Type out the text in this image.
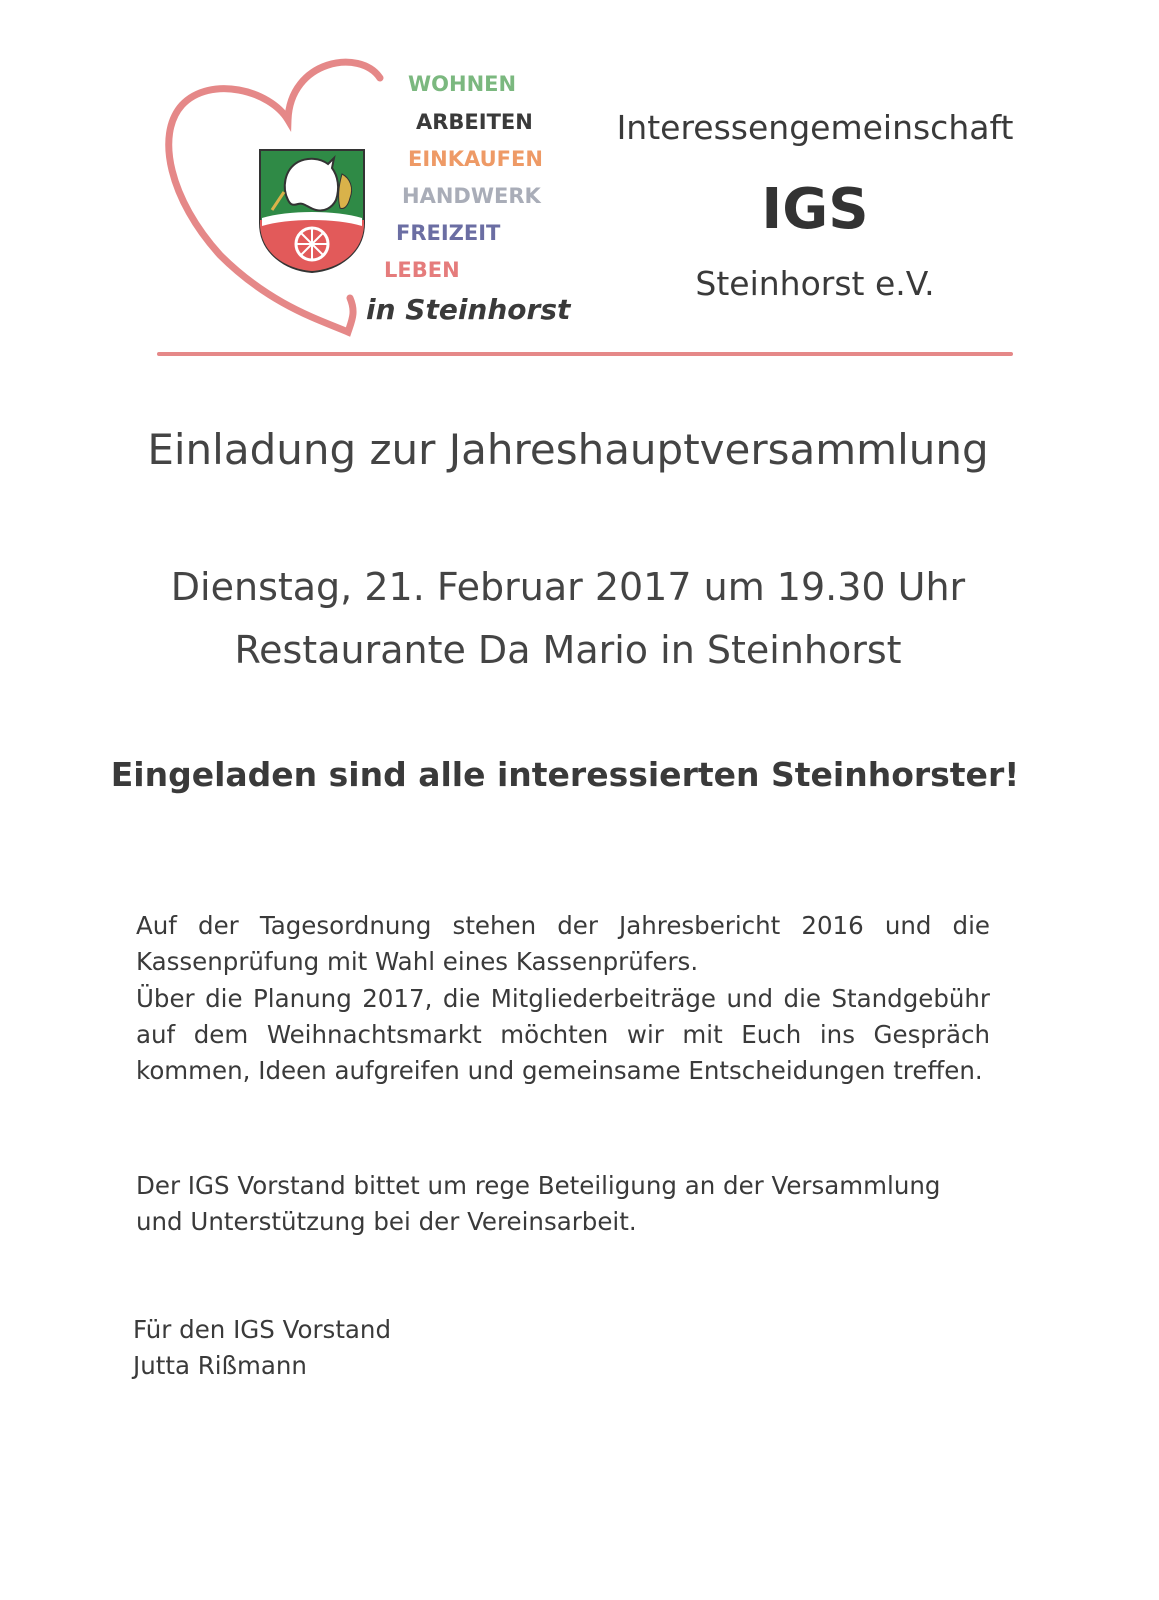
WOHNEN
ARBEITEN
EINKAUFEN
HANDWERK
FREIZEIT
LEBEN
in Steinhorst
Interessengemeinschaft
IGS
Steinhorst e.V.
Einladung zur Jahreshauptversammlung
Dienstag, 21. Februar 2017 um 19.30 Uhr
Restaurante Da Mario in Steinhorst
Eingeladen sind alle interessierten Steinhorster!
Auf der Tagesordnung stehen der Jahresbericht 2016 und die Kassenprüfung mit Wahl eines Kassenprüfers.
Über die Planung 2017, die Mitgliederbeiträge und die Standgebühr auf dem Weihnachtsmarkt möchten wir mit Euch ins Gespräch kommen, Ideen aufgreifen und gemeinsame Entscheidungen treffen.
Der IGS Vorstand bittet um rege Beteiligung an der Versammlung und Unterstützung bei der Vereinsarbeit.
Für den IGS Vorstand
Jutta Rißmann
